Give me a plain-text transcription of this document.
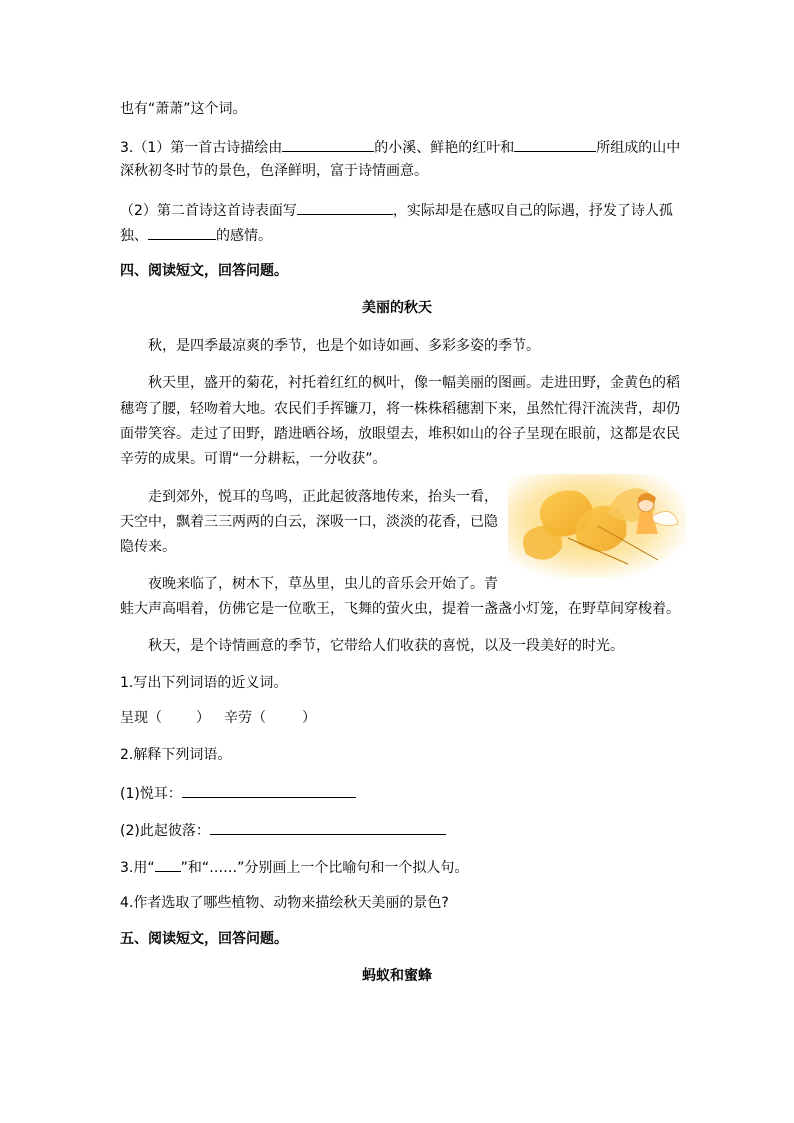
也有“萧萧”这个词。
3.（1）第一首古诗描绘由	的小溪、鲜艳的红叶和	所组成的山中
深秋初冬时节的景色，色泽鲜明，富于诗情画意。
（2）第二首诗这首诗表面写	，实际却是在感叹自己的际遇，抒发了诗人孤
独、	的感情。
四、阅读短文，回答问题。
美丽的秋天
秋，是四季最凉爽的季节，也是个如诗如画、多彩多姿的季节。
秋天里，盛开的菊花，衬托着红红的枫叶，像一幅美丽的图画。走进田野，金黄色的稻
穗弯了腰，轻吻着大地。农民们手挥镰刀，将一株株稻穗割下来，虽然忙得汗流浃背，却仍
面带笑容。走过了田野，踏进晒谷场，放眼望去，堆积如山的谷子呈现在眼前，这都是农民
辛劳的成果。可谓“一分耕耘，一分收获”。
走到郊外，悦耳的鸟鸣，正此起彼落地传来，抬头一看，
天空中，飘着三三两两的白云，深吸一口，淡淡的花香，已隐
隐传来。
夜晚来临了，树木下，草丛里，虫儿的音乐会开始了。青
蛙大声高唱着，仿佛它是一位歌王，飞舞的萤火虫，提着一盏盏小灯笼，在野草间穿梭着。
秋天，是个诗情画意的季节，它带给人们收获的喜悦，以及一段美好的时光。
1.写出下列词语的近义词。
呈现（ ） 辛劳（	）
2.解释下列词语。
(1)悦耳：
(2)此起彼落：
3.用“ ”和“……”分别画上一个比喻句和一个拟人句。
4.作者选取了哪些植物、动物来描绘秋天美丽的景色?
五、阅读短文，回答问题。
蚂蚁和蜜蜂
